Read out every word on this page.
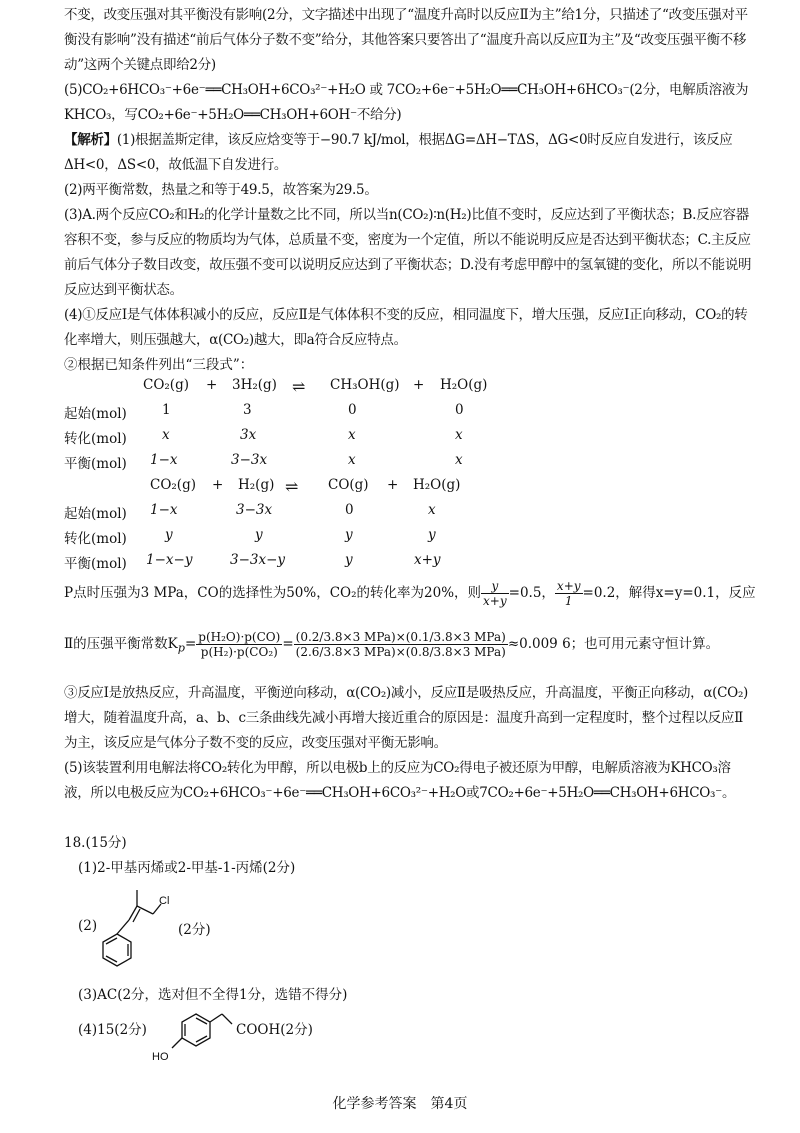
不变，改变压强对其平衡没有影响(2分，文字描述中出现了“温度升高时以反应Ⅱ为主”给1分，只描述了“改变压强对平衡没有影响”没有描述“前后气体分子数不变”给分，其他答案只要答出了“温度升高以反应Ⅱ为主”及“改变压强平衡不移动”这两个关键点即给2分)

(5)CO₂+6HCO₃⁻+6e⁻══CH₃OH+6CO₃²⁻+H₂O 或 7CO₂+6e⁻+5H₂O══CH₃OH+6HCO₃⁻(2分，电解质溶液为KHCO₃，写CO₂+6e⁻+5H₂O══CH₃OH+6OH⁻不给分)

【解析】(1)根据盖斯定律，该反应焓变等于−90.7 kJ/mol，根据ΔG=ΔH−TΔS，ΔG<0时反应自发进行，该反应ΔH<0，ΔS<0，故低温下自发进行。

(2)两平衡常数，热量之和等于49.5，故答案为29.5。

(3)A.两个反应CO₂和H₂的化学计量数之比不同，所以当n(CO₂)∶n(H₂)比值不变时，反应达到了平衡状态；B.反应容器容积不变，参与反应的物质均为气体，总质量不变，密度为一个定值，所以不能说明反应是否达到平衡状态；C.主反应前后气体分子数目改变，故压强不变可以说明反应达到了平衡状态；D.没有考虑甲醇中的氢氧键的变化，所以不能说明反应达到平衡状态。

(4)①反应Ⅰ是气体体积减小的反应，反应Ⅱ是气体体积不变的反应，相同温度下，增大压强，反应Ⅰ正向移动，CO₂的转化率增大，则压强越大，α(CO₂)越大，即a符合反应特点。

②根据已知条件列出“三段式”：

CO₂(g) + 3H₂(g) ⇌ CH₃OH(g) + H₂O(g)
起始(mol)	1	3	0	0
转化(mol)	x	3x	x	x
平衡(mol) 1−x	3−3x	x	x
CO₂(g) + H₂(g) ⇌ CO(g) + H₂O(g)
起始(mol) 1−x	3−3x	0	x
转化(mol)	y	y	y	y
平衡(mol) 1−x−y	3−3x−y	y	x+y
P点时压强为3 MPa，CO的选择性为50%，CO₂的转化率为20%，则 $\frac{y}{x+y} =0.5$， $\frac{x+y}{1} =0.2$，解得x=y=0.1，反应
Ⅱ的压强平衡常数$K_p= \frac{\text{p(H₂O)·p(CO)}}{\text{p(H₂)·p(CO₂)}} = \frac{\text{(0.2/3.8×3 MPa)×(0.1/3.8×3 MPa)}}{\text{(2.6/3.8×3 MPa)×(0.8/3.8×3 MPa)}} \approx 0.009$ 6；也可用元素守恒计算。

③反应Ⅰ是放热反应，升高温度，平衡逆向移动，α(CO₂)减小，反应Ⅱ是吸热反应，升高温度，平衡正向移动，α(CO₂)增大，随着温度升高，a、b、c三条曲线先减小再增大接近重合的原因是：温度升高到一定程度时，整个过程以反应Ⅱ为主，该反应是气体分子数不变的反应，改变压强对平衡无影响。

(5)该装置利用电解法将CO₂转化为甲醇，所以电极b上的反应为CO₂得电子被还原为甲醇，电解质溶液为KHCO₃溶液，所以电极反应为CO₂+6HCO₃⁻+6e⁻══CH₃OH+6CO₃²⁻+H₂O或7CO₂+6e⁻+5H₂O══CH₃OH+6HCO₃⁻。

18.(15分)
(1)2-甲基丙烯或2-甲基-1-丙烯(2分)
(2)
Cl
(2分)
(3)AC(2分，选对但不全得1分，选错不得分)
(4)15(2分)
HO
COOH(2分)
化学参考答案　第4页
